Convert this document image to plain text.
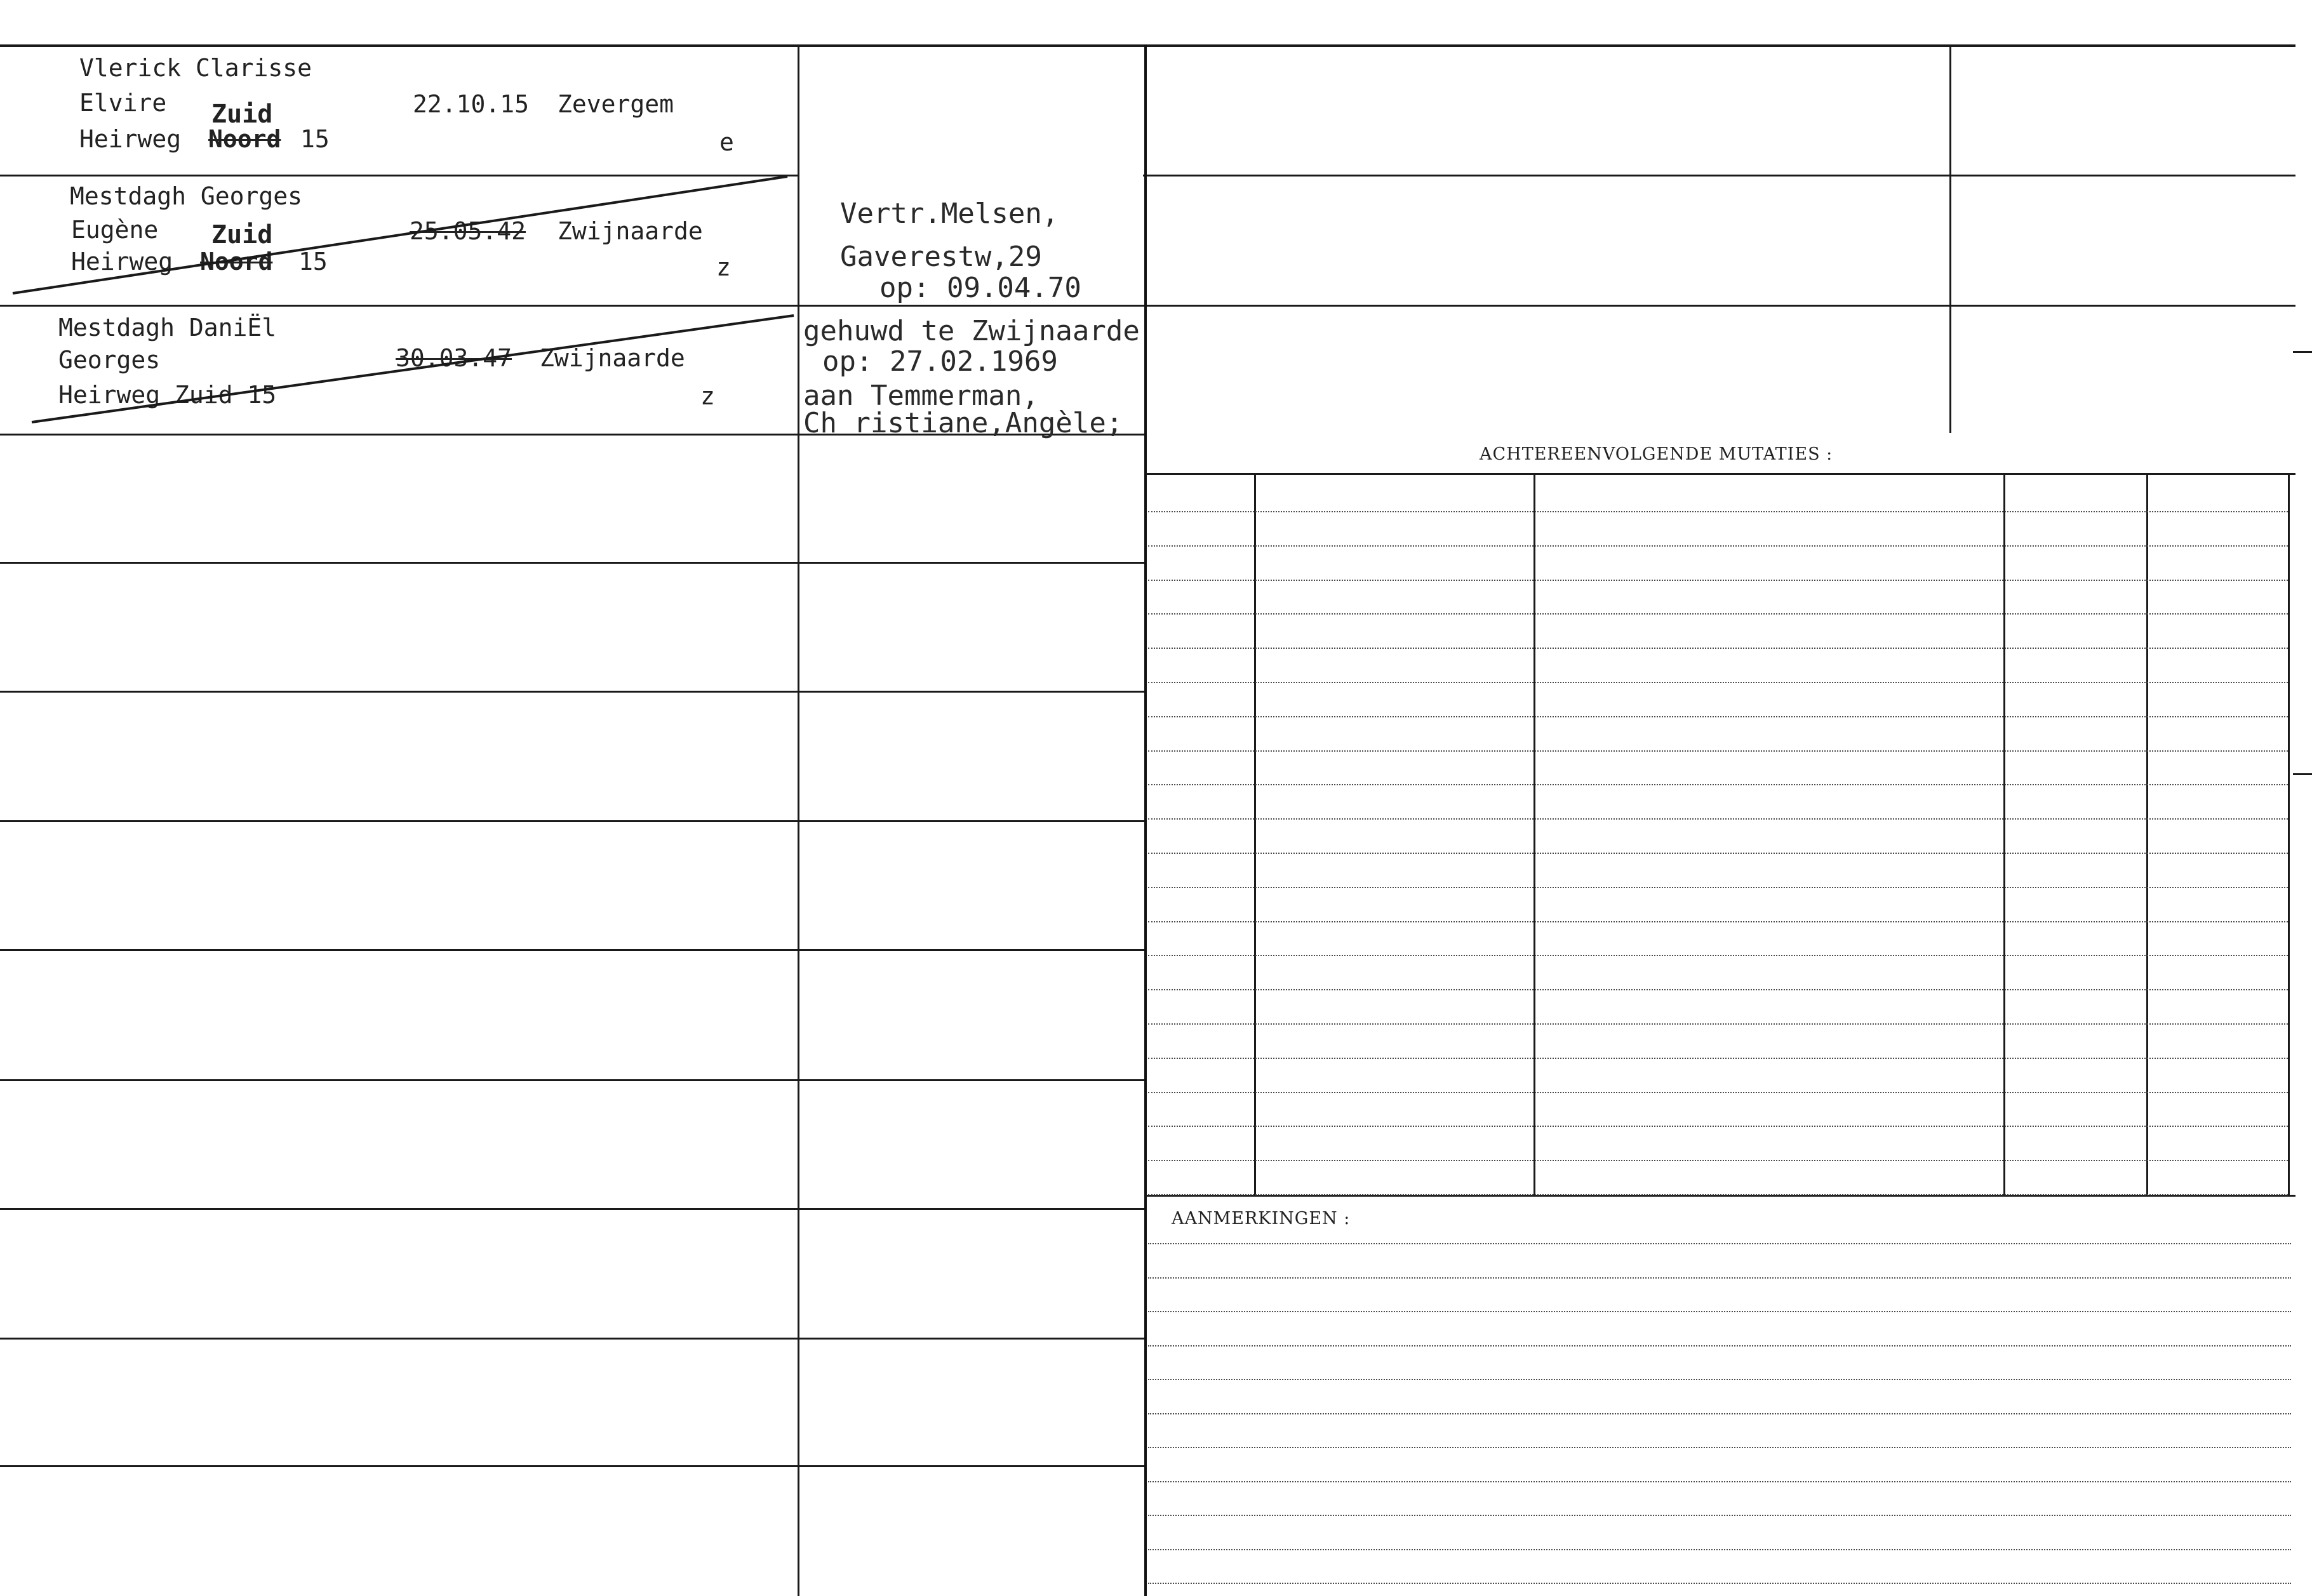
ACHTEREENVOLGENDE MUTATIES :
AANMERKINGEN :
Vlerick Clarisse
Elvire Zuid
Heirweg Noord 15
22.10.15 Zevergem
e
Mestdagh Georges
Eugène Zuid
Heirweg Noord 15
25.05.42 Zwijnaarde
z
Vertr.Melsen,
Gaverestw,29
op: 09.04.70
Mestdagh DaniЁl
Georges
Heirweg Zuid 15
30.03.47 Zwijnaarde
z
gehuwd te Zwijnaarde
op: 27.02.1969
aan Temmerman,
Ch ristiane,Angèle;
